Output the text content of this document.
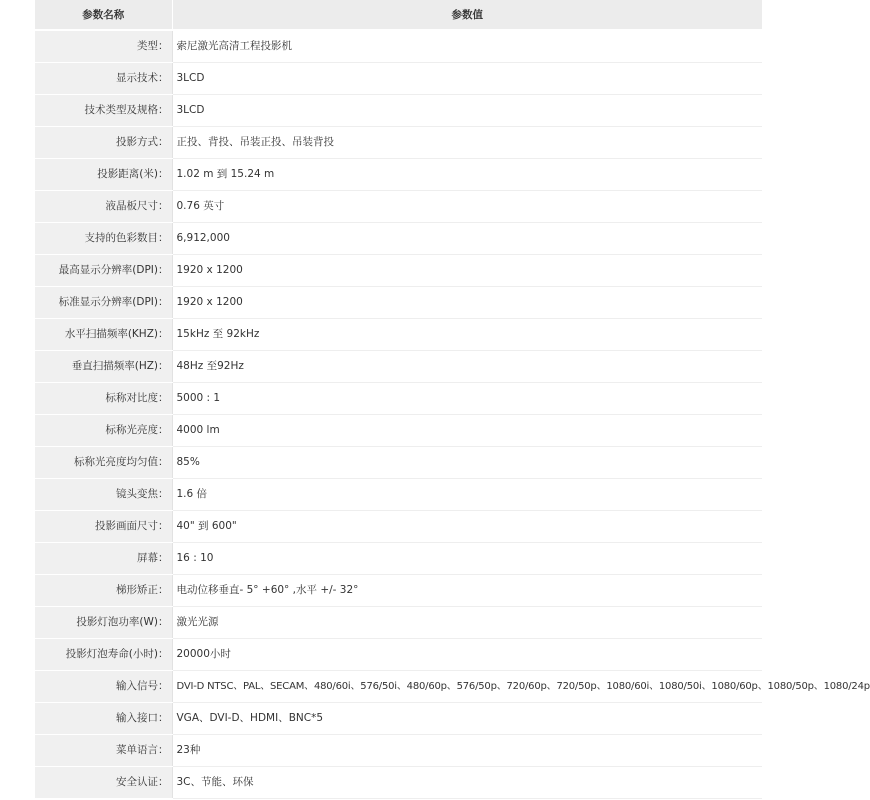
参数名称	参数值
类型：	索尼激光高清工程投影机
显示技术：	3LCD
技术类型及规格：	3LCD
投影方式：	正投、背投、吊装正投、吊装背投
投影距离(米)：	1.02 m 到 15.24 m
液晶板尺寸：	0.76 英寸
支持的色彩数目：	6,912,000
最高显示分辨率(DPI)：	1920 x 1200
标准显示分辨率(DPI)：	1920 x 1200
水平扫描频率(KHZ)：	15kHz 至 92kHz
垂直扫描频率(HZ)：	48Hz 至92Hz
标称对比度：	5000 : 1
标称光亮度：	4000 lm
标称光亮度均匀值：	85%
镜头变焦：	1.6 倍
投影画面尺寸：	40" 到 600"
屏幕：	16 : 10
梯形矫正：	电动位移垂直- 5° +60° ,水平 +/- 32°
投影灯泡功率(W)：	激光光源
投影灯泡寿命(小时)：	20000小时
输入信号：	DVI-D NTSC、PAL、SECAM、480/60i、576/50i、480/60p、576/50p、720/60p、720/50p、1080/60i、1080/50i、1080/60p、1080/50p、1080/24p
输入接口：	VGA、DVI-D、HDMI、BNC*5
菜单语言：	23种
安全认证：	3C、节能、环保
